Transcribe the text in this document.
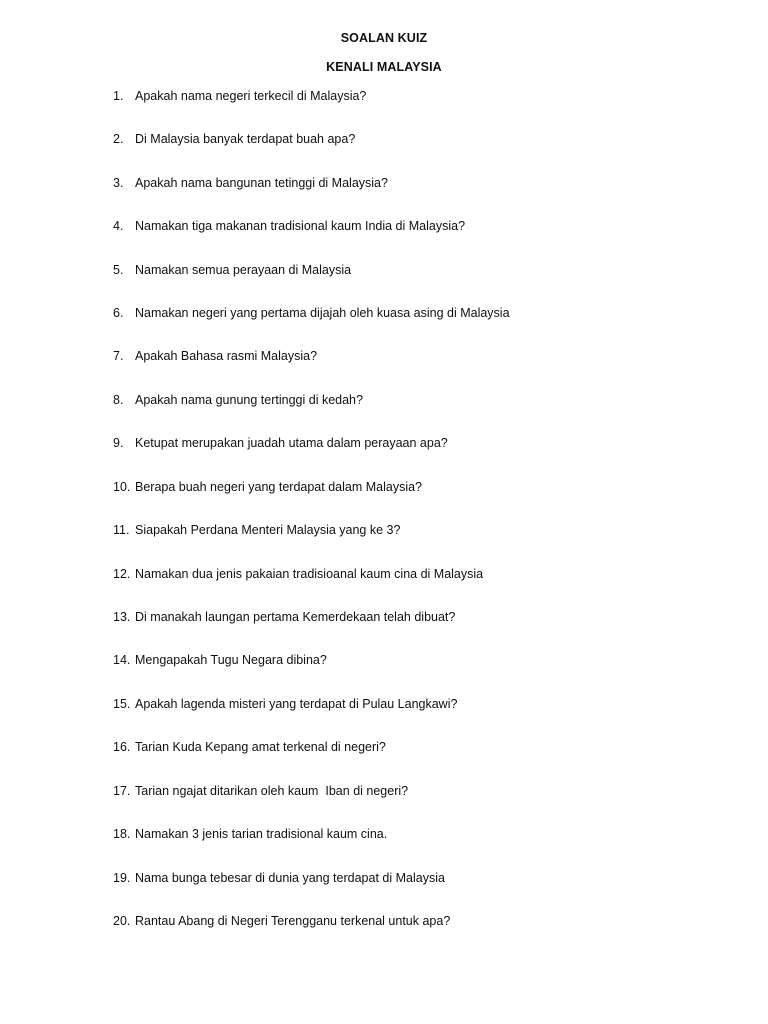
SOALAN KUIZ
KENALI MALAYSIA
1. Apakah nama negeri terkecil di Malaysia?
2. Di Malaysia banyak terdapat buah apa?
3. Apakah nama bangunan tetinggi di Malaysia?
4. Namakan tiga makanan tradisional kaum India di Malaysia?
5. Namakan semua perayaan di Malaysia
6. Namakan negeri yang pertama dijajah oleh kuasa asing di Malaysia
7. Apakah Bahasa rasmi Malaysia?
8. Apakah nama gunung tertinggi di kedah?
9. Ketupat merupakan juadah utama dalam perayaan apa?
10. Berapa buah negeri yang terdapat dalam Malaysia?
11. Siapakah Perdana Menteri Malaysia yang ke 3?
12. Namakan dua jenis pakaian tradisioanal kaum cina di Malaysia
13. Di manakah laungan pertama Kemerdekaan telah dibuat?
14. Mengapakah Tugu Negara dibina?
15. Apakah lagenda misteri yang terdapat di Pulau Langkawi?
16. Tarian Kuda Kepang amat terkenal di negeri?
17. Tarian ngajat ditarikan oleh kaum  Iban di negeri?
18. Namakan 3 jenis tarian tradisional kaum cina.
19. Nama bunga tebesar di dunia yang terdapat di Malaysia
20. Rantau Abang di Negeri Terengganu terkenal untuk apa?
